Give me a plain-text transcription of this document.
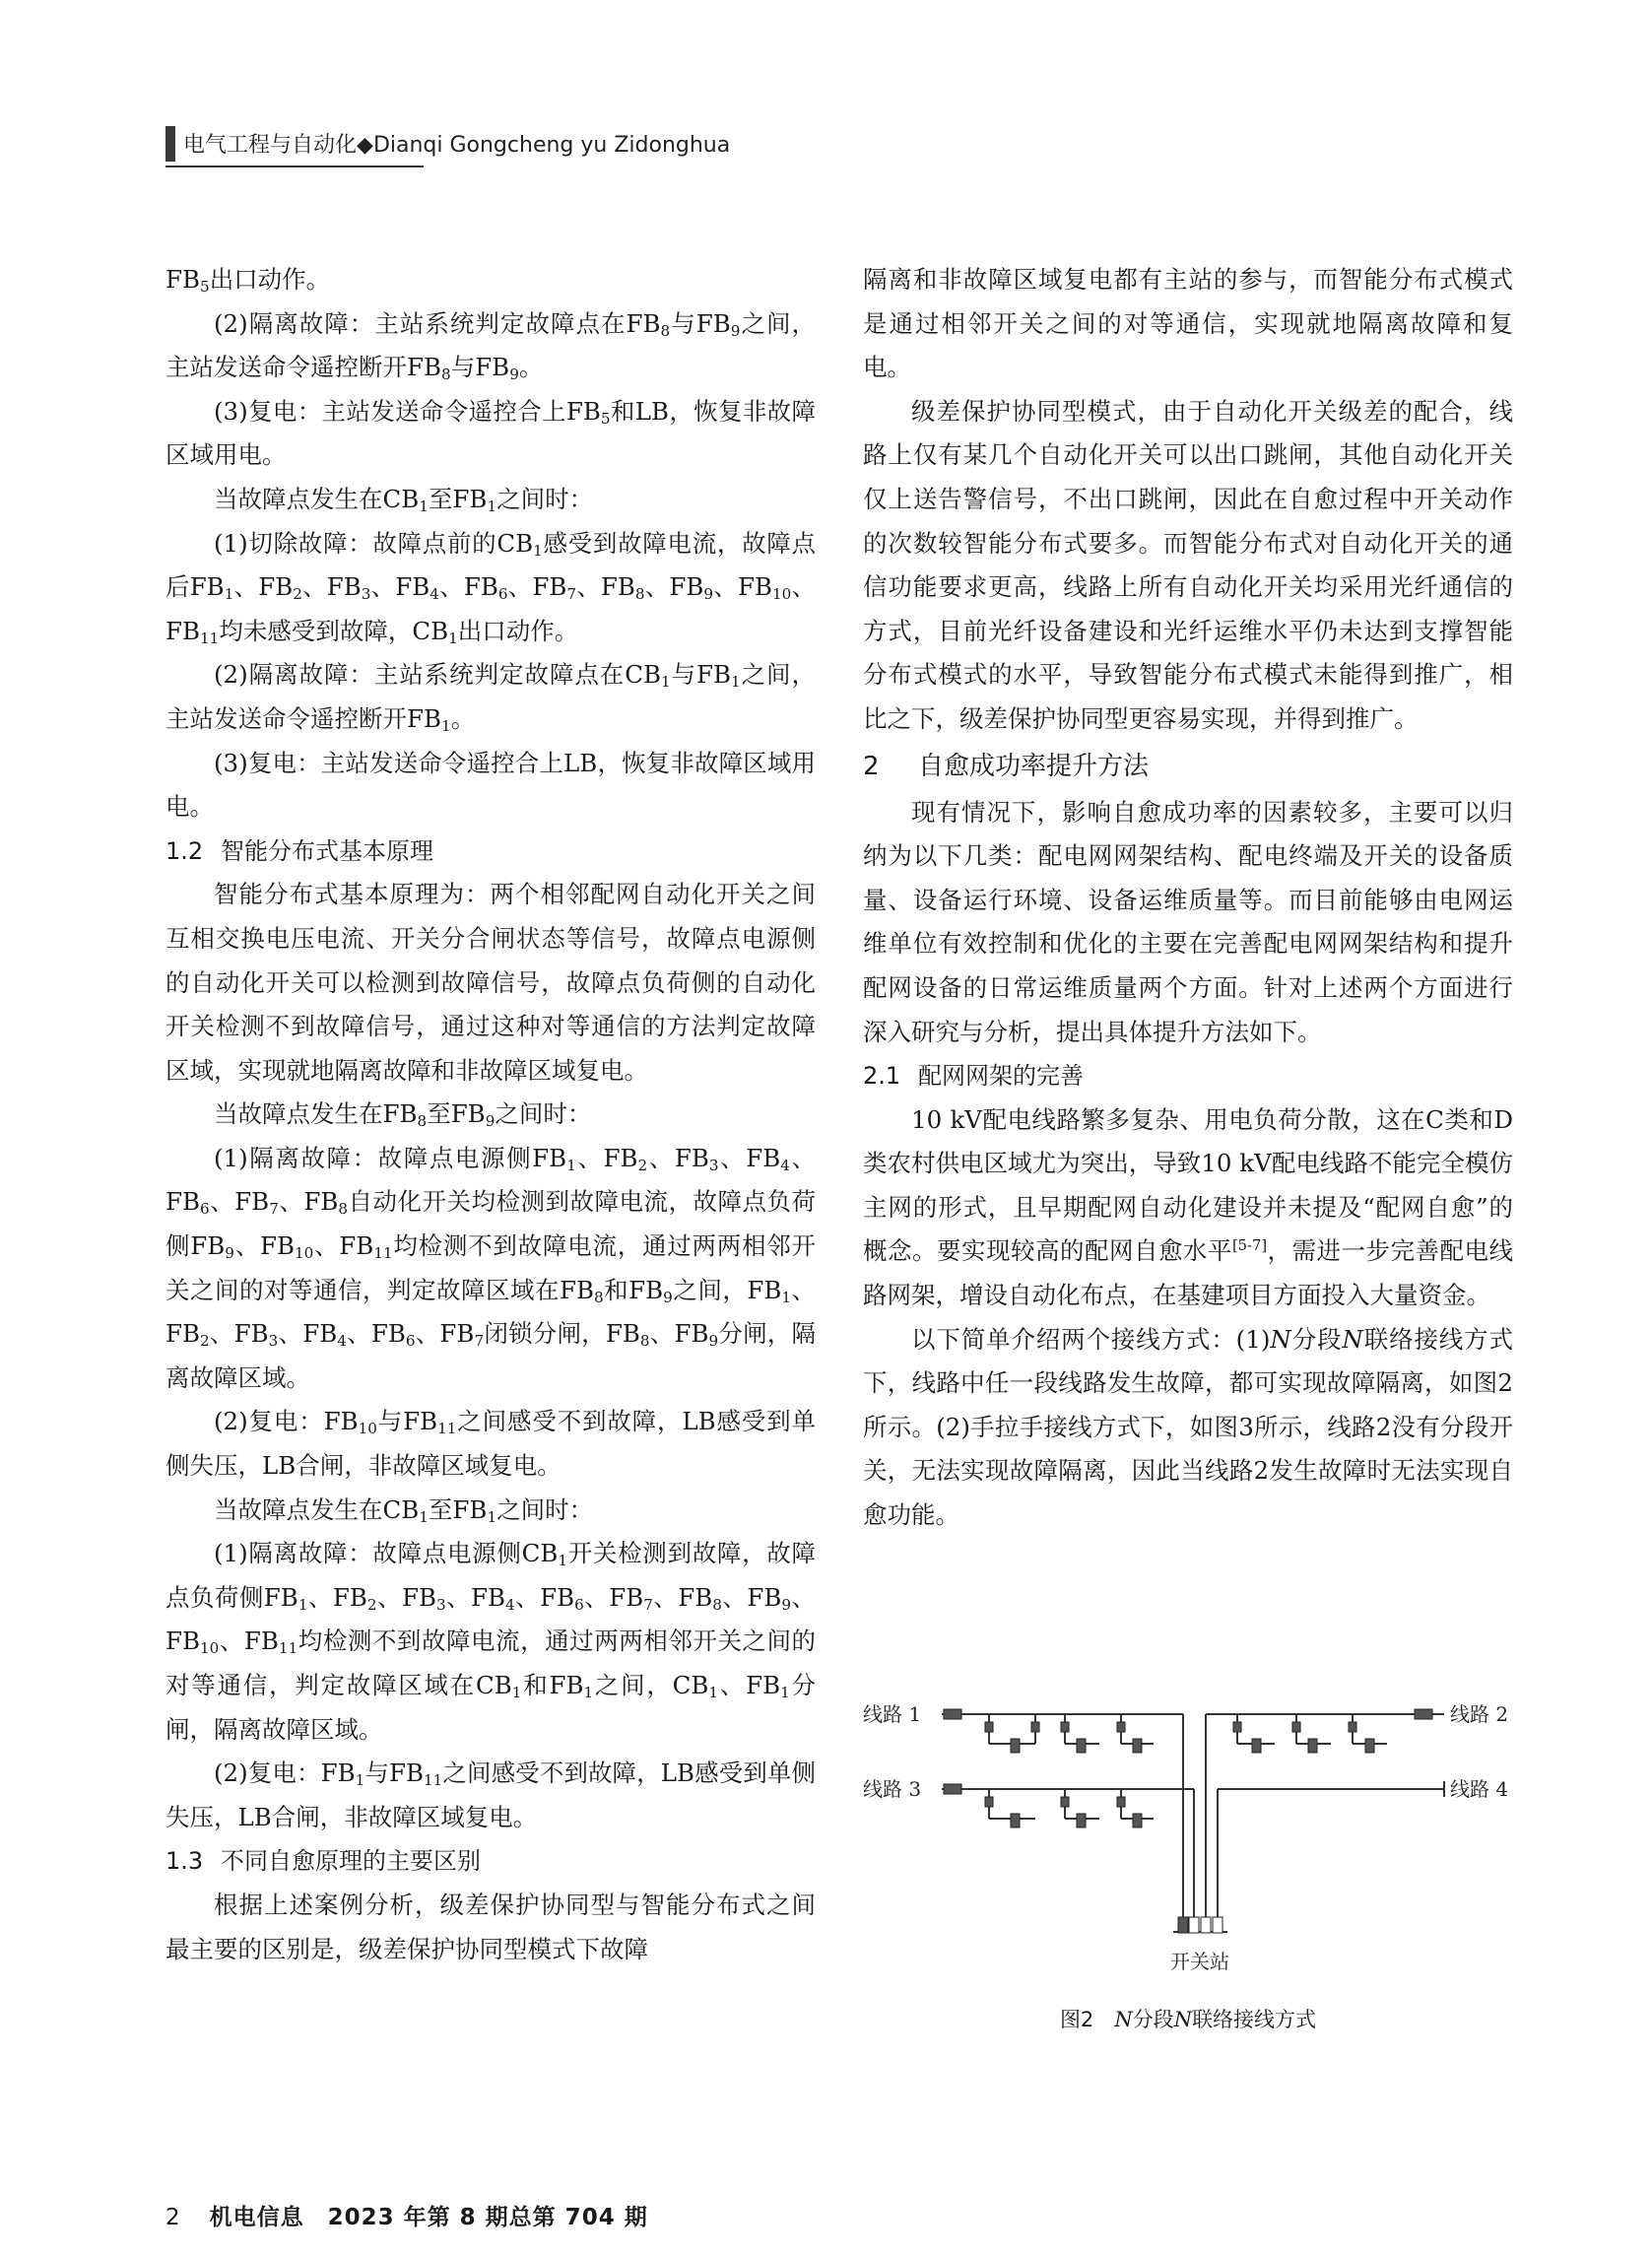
电气工程与自动化◆Dianqi Gongcheng yu Zidonghua

$FB_5$出口动作。

(2)隔离故障：主站系统判定故障点在$FB_8$与$FB_9$之间，主站发送命令遥控断开$FB_8$与$FB_9$。

(3)复电：主站发送命令遥控合上$FB_5$和LB，恢复非故障区域用电。

当故障点发生在$CB_1$至$FB_1$之间时：

(1)切除故障：故障点前的$CB_1$感受到故障电流，故障点后$FB_1$、$FB_2$、$FB_3$、$FB_4$、$FB_6$、$FB_7$、$FB_8$、$FB_9$、$FB_{10}$、$FB_{11}$均未感受到故障，$CB_1$出口动作。

(2)隔离故障：主站系统判定故障点在$CB_1$与$FB_1$之间，主站发送命令遥控断开$FB_1$。

(3)复电：主站发送命令遥控合上LB，恢复非故障区域用电。

1.2 智能分布式基本原理

智能分布式基本原理为：两个相邻配网自动化开关之间互相交换电压电流、开关分合闸状态等信号，故障点电源侧的自动化开关可以检测到故障信号，故障点负荷侧的自动化开关检测不到故障信号，通过这种对等通信的方法判定故障区域，实现就地隔离故障和非故障区域复电。

当故障点发生在$FB_8$至$FB_9$之间时：

(1)隔离故障：故障点电源侧$FB_1$、$FB_2$、$FB_3$、$FB_4$、$FB_6$、$FB_7$、$FB_8$自动化开关均检测到故障电流，故障点负荷侧$FB_9$、$FB_{10}$、$FB_{11}$均检测不到故障电流，通过两两相邻开关之间的对等通信，判定故障区域在$FB_8$和$FB_9$之间，$FB_1$、$FB_2$、$FB_3$、$FB_4$、$FB_6$、$FB_7$闭锁分闸，$FB_8$、$FB_9$分闸，隔离故障区域。

(2)复电：$FB_{10}$与$FB_{11}$之间感受不到故障，LB感受到单侧失压，LB合闸，非故障区域复电。

当故障点发生在$CB_1$至$FB_1$之间时：

(1)隔离故障：故障点电源侧$CB_1$开关检测到故障，故障点负荷侧$FB_1$、$FB_2$、$FB_3$、$FB_4$、$FB_6$、$FB_7$、$FB_8$、$FB_9$、$FB_{10}$、$FB_{11}$均检测不到故障电流，通过两两相邻开关之间的对等通信，判定故障区域在$CB_1$和$FB_1$之间，$CB_1$、$FB_1$分闸，隔离故障区域。

(2)复电：$FB_1$与$FB_{11}$之间感受不到故障，LB感受到单侧失压，LB合闸，非故障区域复电。

1.3 不同自愈原理的主要区别

根据上述案例分析，级差保护协同型与智能分布式之间最主要的区别是，级差保护协同型模式下故障

隔离和非故障区域复电都有主站的参与，而智能分布式模式是通过相邻开关之间的对等通信，实现就地隔离故障和复电。

级差保护协同型模式，由于自动化开关级差的配合，线路上仅有某几个自动化开关可以出口跳闸，其他自动化开关仅上送告警信号，不出口跳闸，因此在自愈过程中开关动作的次数较智能分布式要多。而智能分布式对自动化开关的通信功能要求更高，线路上所有自动化开关均采用光纤通信的方式，目前光纤设备建设和光纤运维水平仍未达到支撑智能分布式模式的水平，导致智能分布式模式未能得到推广，相比之下，级差保护协同型更容易实现，并得到推广。

2 自愈成功率提升方法

现有情况下，影响自愈成功率的因素较多，主要可以归纳为以下几类：配电网网架结构、配电终端及开关的设备质量、设备运行环境、设备运维质量等。而目前能够由电网运维单位有效控制和优化的主要在完善配电网网架结构和提升配网设备的日常运维质量两个方面。针对上述两个方面进行深入研究与分析，提出具体提升方法如下。

2.1 配网网架的完善

10 kV配电线路繁多复杂、用电负荷分散，这在C类和D类农村供电区域尤为突出，导致10 kV配电线路不能完全模仿主网的形式，且早期配网自动化建设并未提及“配网自愈”的概念。要实现较高的配网自愈水平[5-7]，需进一步完善配电线路网架，增设自动化布点，在基建项目方面投入大量资金。

以下简单介绍两个接线方式：(1)N分段N联络接线方式下，线路中任一段线路发生故障，都可实现故障隔离，如图2所示。(2)手拉手接线方式下，如图3所示，线路2没有分段开关，无法实现故障隔离，因此当线路2发生故障时无法实现自愈功能。

线路 1	线路 2
线路 3	线路 4
开关站
图2　 N分段N联络接线方式
2 机电信息　2023 年第 8 期总第 704 期
